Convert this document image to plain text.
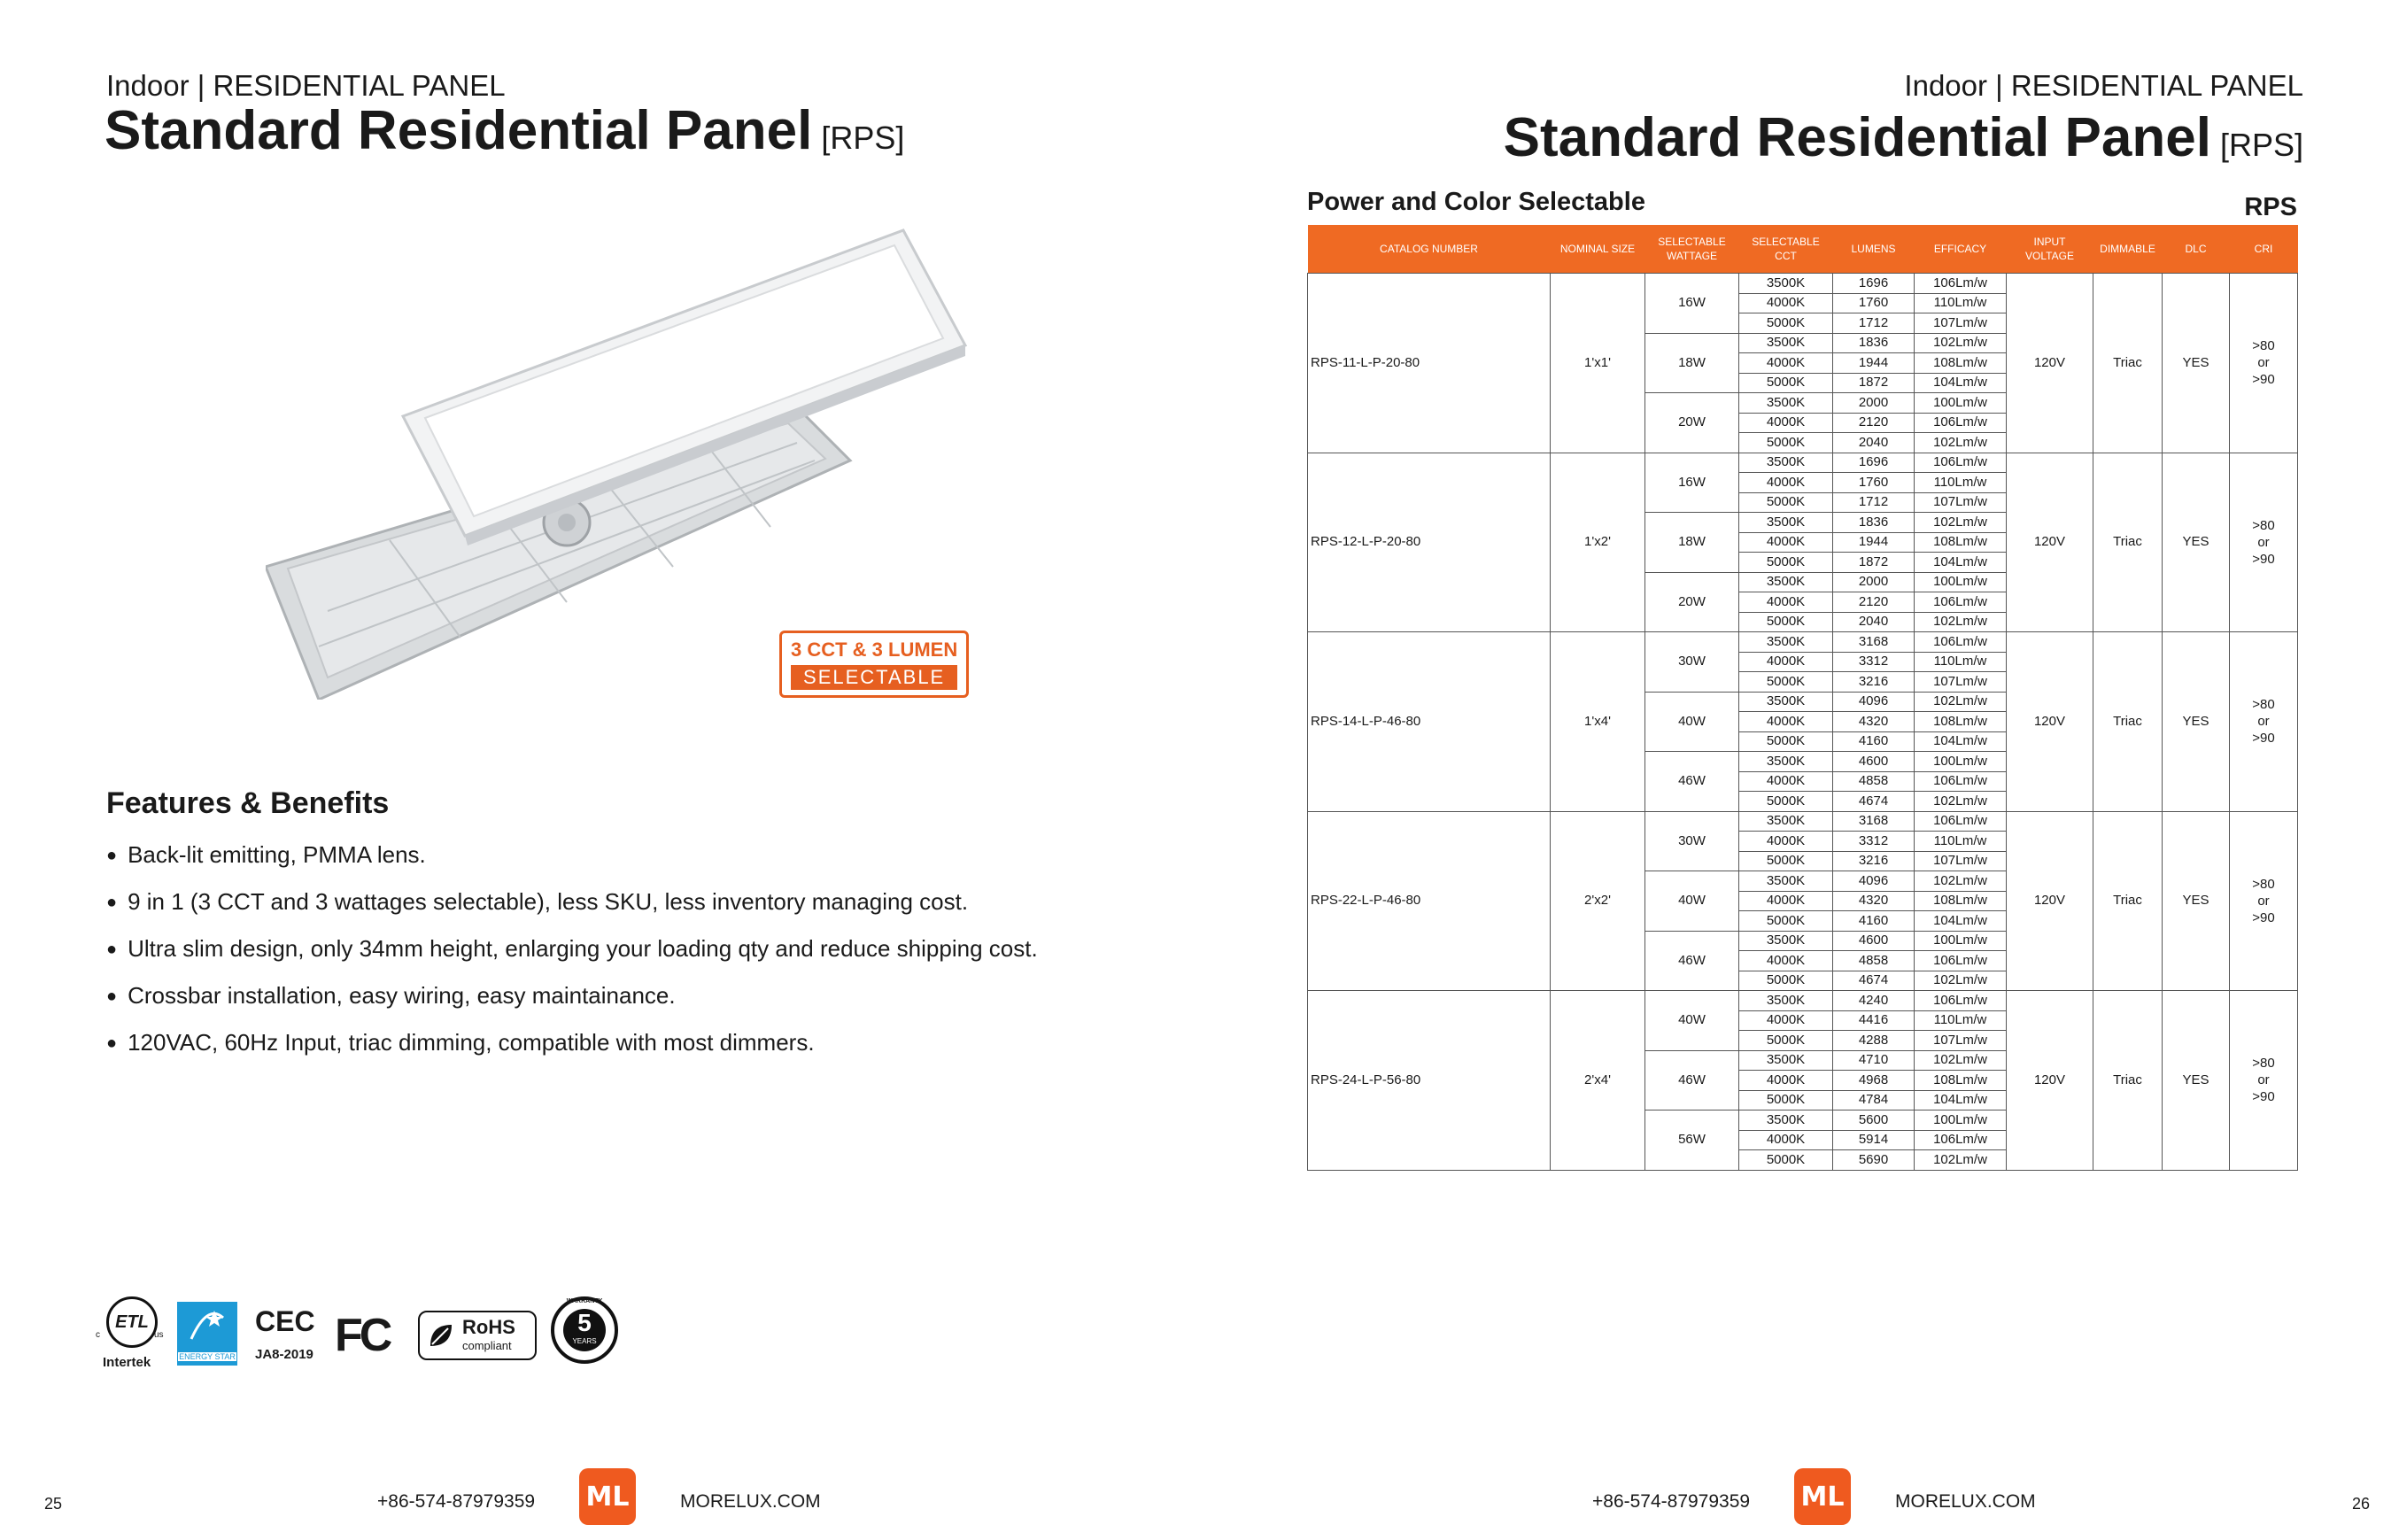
Indoor | RESIDENTIAL PANEL
Standard Residential Panel [RPS]
3 CCT & 3 LUMEN
SELECTABLE
Features & Benefits
● Back-lit emitting, PMMA lens.
● 9 in 1 (3 CCT and 3 wattages selectable), less SKU, less inventory managing cost.
● Ultra slim design, only 34mm height, enlarging your loading qty and reduce shipping cost.
● Crossbar installation, easy wiring, easy maintainance.
● 120VAC, 60Hz Input, triac dimming, compatible with most dimmers.
ETL
c	us
Intertek	ENERGY STAR
CEC
JA8-2019 FC	RoHS
compliant
5
YEARS
WARRANTY
25	+86-574-87979359 ML	MORELUX.COM
Indoor | RESIDENTIAL PANEL
Standard Residential Panel [RPS]
Power and Color Selectable	RPS
CATALOG NUMBER	NOMINAL SIZE	SELECTABLE WATTAGE	SELECTABLE CCT	LUMENS	EFFICACY	INPUT VOLTAGE	DIMMABLE	DLC	CRI
RPS-11-L-P-20-80	1'x1'	16W	3500K	1696	106Lm/w	120V	Triac	YES	>80
or
>90

			4000K	1760	110Lm/w				
			5000K	1712	107Lm/w				
		18W	3500K	1836	102Lm/w				
			4000K	1944	108Lm/w				
			5000K	1872	104Lm/w				
		20W	3500K	2000	100Lm/w				
			4000K	2120	106Lm/w				
			5000K	2040	102Lm/w				
RPS-12-L-P-20-80	1'x2'	16W	3500K	1696	106Lm/w	120V	Triac	YES	>80
or
>90

			4000K	1760	110Lm/w				
			5000K	1712	107Lm/w				
		18W	3500K	1836	102Lm/w				
			4000K	1944	108Lm/w				
			5000K	1872	104Lm/w				
		20W	3500K	2000	100Lm/w				
			4000K	2120	106Lm/w				
			5000K	2040	102Lm/w				
RPS-14-L-P-46-80	1'x4'	30W	3500K	3168	106Lm/w	120V	Triac	YES	>80
or
>90

			4000K	3312	110Lm/w				
			5000K	3216	107Lm/w				
		40W	3500K	4096	102Lm/w				
			4000K	4320	108Lm/w				
			5000K	4160	104Lm/w				
		46W	3500K	4600	100Lm/w				
			4000K	4858	106Lm/w				
			5000K	4674	102Lm/w				
RPS-22-L-P-46-80	2'x2'	30W	3500K	3168	106Lm/w	120V	Triac	YES	>80
or
>90

			4000K	3312	110Lm/w				
			5000K	3216	107Lm/w				
		40W	3500K	4096	102Lm/w				
			4000K	4320	108Lm/w				
			5000K	4160	104Lm/w				
		46W	3500K	4600	100Lm/w				
			4000K	4858	106Lm/w				
			5000K	4674	102Lm/w				
RPS-24-L-P-56-80	2'x4'	40W	3500K	4240	106Lm/w	120V	Triac	YES	>80
or
>90

			4000K	4416	110Lm/w				
			5000K	4288	107Lm/w				
		46W	3500K	4710	102Lm/w				
			4000K	4968	108Lm/w				
			5000K	4784	104Lm/w				
		56W	3500K	5600	100Lm/w				
			4000K	5914	106Lm/w				
			5000K	5690	102Lm/w				
+86-574-87979359 ML	MORELUX.COM	26
